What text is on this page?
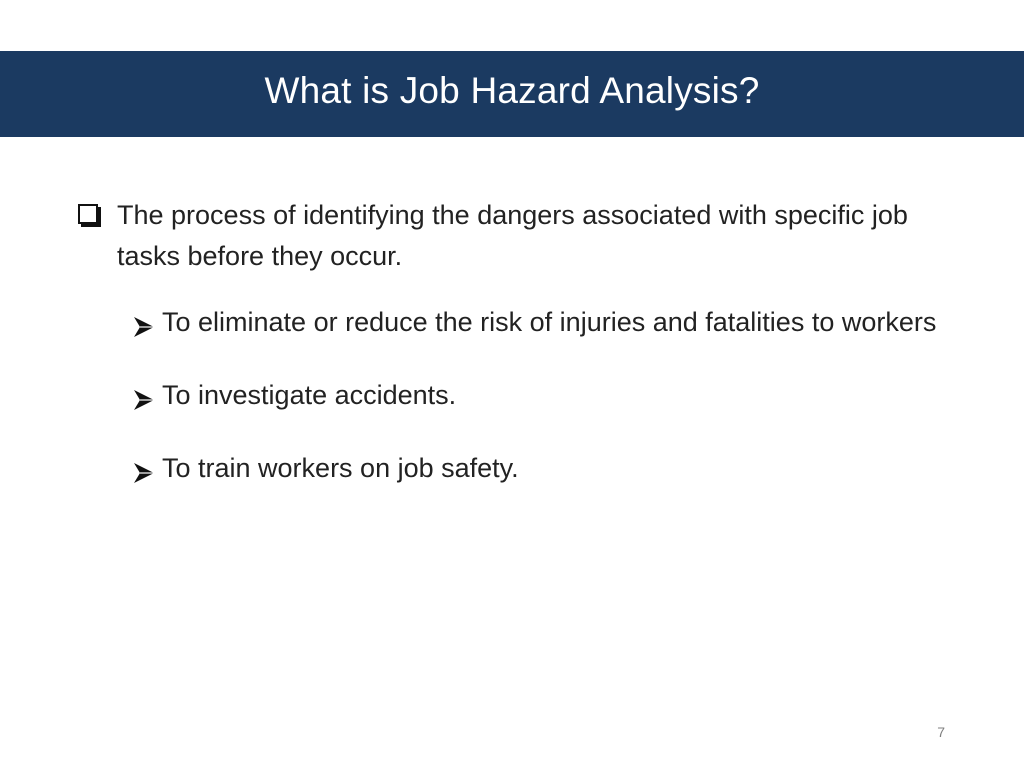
What is Job Hazard Analysis?
The process of identifying the dangers associated with specific job tasks before they occur.
To eliminate or reduce the risk of injuries and fatalities to workers
To investigate accidents.
To train workers on job safety.
7
